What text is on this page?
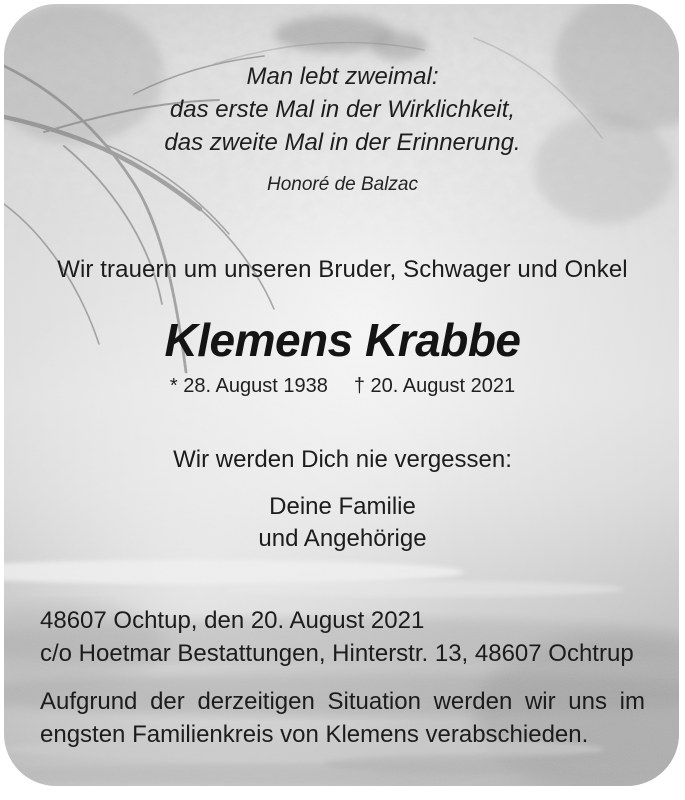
Man lebt zweimal:
das erste Mal in der Wirklichkeit,
das zweite Mal in der Erinnerung.
Honoré de Balzac
Wir trauern um unseren Bruder, Schwager und Onkel
Klemens Krabbe
* 28. August 1938 † 20. August 2021
Wir werden Dich nie vergessen:
Deine Familie
und Angehörige
48607 Ochtup, den 20. August 2021
c/o Hoetmar Bestattungen, Hinterstr. 13, 48607 Ochtrup
Aufgrund der derzeitigen Situation werden wir uns im
engsten Familienkreis von Klemens verabschieden.
